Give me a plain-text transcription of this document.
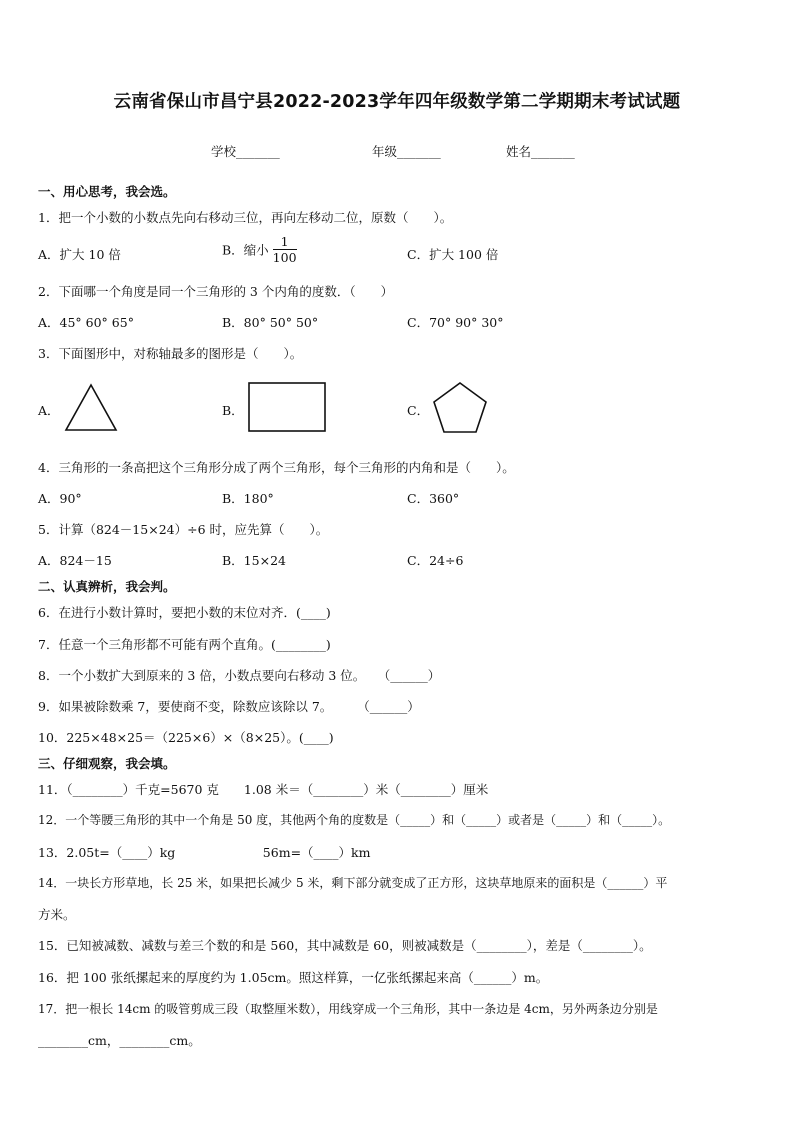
云南省保山市昌宁县2022-2023学年四年级数学第二学期期末考试试题
学校_______	年级_______	姓名_______
一、用心思考，我会选。
1．把一个小数的小数点先向右移动三位，再向左移动二位，原数（　　）。
A．扩大 10 倍	B．缩小 $\frac{1}{100}$	C．扩大 100 倍
2．下面哪一个角度是同一个三角形的 3 个内角的度数．（　　）
A．45° 60° 65°	B．80° 50° 50°	C．70° 90° 30°
3．下面图形中，对称轴最多的图形是（　　）。
A．	B．	C．
4．三角形的一条高把这个三角形分成了两个三角形，每个三角形的内角和是（　　）。
A．90°	B．180°	C．360°
5．计算（824－15×24）÷6 时，应先算（　　）。
A．824－15	B．15×24	C．24÷6
二、认真辨析，我会判。
6．在进行小数计算时，要把小数的末位对齐．(____)
7．任意一个三角形都不可能有两个直角。(________)
8．一个小数扩大到原来的 3 倍，小数点要向右移动 3 位。　　（______）
9．如果被除数乘 7，要使商不变，除数应该除以 7。　　　（______）
10．225×48×25＝（225×6）×（8×25）。(____)
三、仔细观察，我会填。
11．（________）千克=5670 克　　1.08 米＝（________）米（________）厘米
12．一个等腰三角形的其中一个角是 50 度，其他两个角的度数是（_____）和（_____）或者是（_____）和（_____）。
13．2.05t=（____）kg　　　　　　　56m=（____）km
14．一块长方形草地，长 25 米，如果把长减少 5 米，剩下部分就变成了正方形，这块草地原来的面积是（______）平
方米。
15．已知被减数、减数与差三个数的和是 560，其中减数是 60，则被减数是（________），差是（________）。
16．把 100 张纸摞起来的厚度约为 1.05cm。照这样算，一亿张纸摞起来高（______）m。
17．把一根长 14cm 的吸管剪成三段（取整厘米数），用线穿成一个三角形，其中一条边是 4cm，另外两条边分别是
________cm，________cm。
